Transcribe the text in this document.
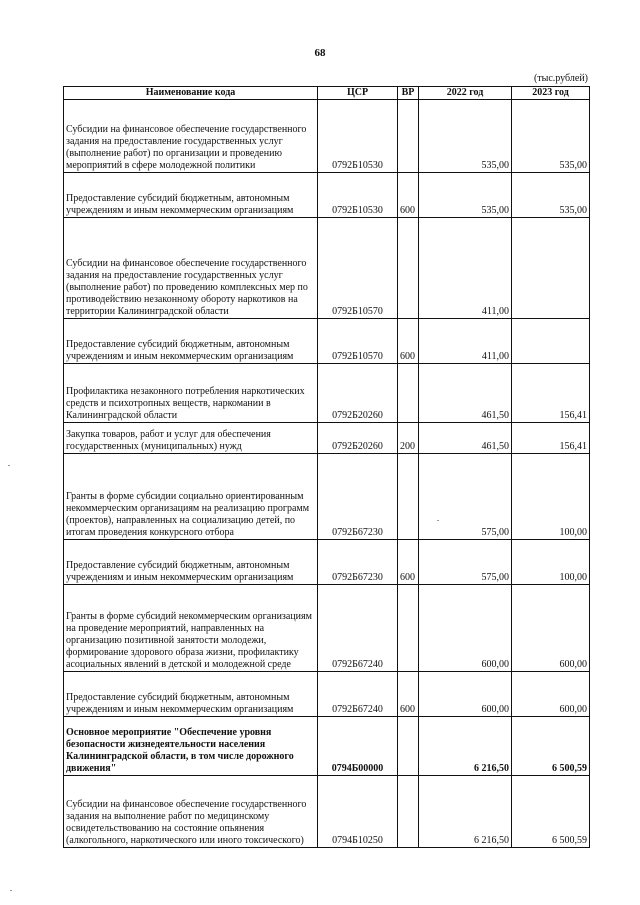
68
(тыс.рублей)
Наименование кода	ЦСР	ВР	2022 год	2023 год
Субсидии на финансовое обеспечение государственного задания на предоставление государственных услуг (выполнение работ) по организации и проведению мероприятий в сфере молодежной политики	0792Б10530		535,00	535,00
Предоставление субсидий бюджетным, автономным учреждениям и иным некоммерческим организациям	0792Б10530	600	535,00	535,00
Субсидии на финансовое обеспечение государственного задания на предоставление государственных услуг (выполнение работ) по проведению комплексных мер по противодействию незаконному обороту наркотиков на территории Калининградской области	0792Б10570		411,00	
Предоставление субсидий бюджетным, автономным учреждениям и иным некоммерческим организациям	0792Б10570	600	411,00	
Профилактика незаконного потребления наркотических средств и психотропных веществ, наркомании в Калининградской области	0792Б20260		461,50	156,41
Закупка товаров, работ и услуг для обеспечения государственных (муниципальных) нужд	0792Б20260	200	461,50	156,41
Гранты в форме субсидии социально ориентированным некоммерческим организациям на реализацию программ (проектов), направленных на социализацию детей, по итогам проведения конкурсного отбора	0792Б67230		575,00	100,00
Предоставление субсидий бюджетным, автономным учреждениям и иным некоммерческим организациям	0792Б67230	600	575,00	100,00
Гранты в форме субсидий некоммерческим организациям на проведение мероприятий, направленных на организацию позитивной занятости молодежи, формирование здорового образа жизни, профилактику асоциальных явлений в детской и молодежной среде	0792Б67240		600,00	600,00
Предоставление субсидий бюджетным, автономным учреждениям и иным некоммерческим организациям	0792Б67240	600	600,00	600,00
Основное мероприятие "Обеспечение уровня безопасности жизнедеятельности населения Калининградской области, в том числе дорожного движения"	0794Б00000		6 216,50	6 500,59
Субсидии на финансовое обеспечение государственного задания на выполнение работ по медицинскому освидетельствованию на состояние опьянения (алкогольного, наркотического или иного токсического)	0794Б10250		6 216,50	6 500,59
